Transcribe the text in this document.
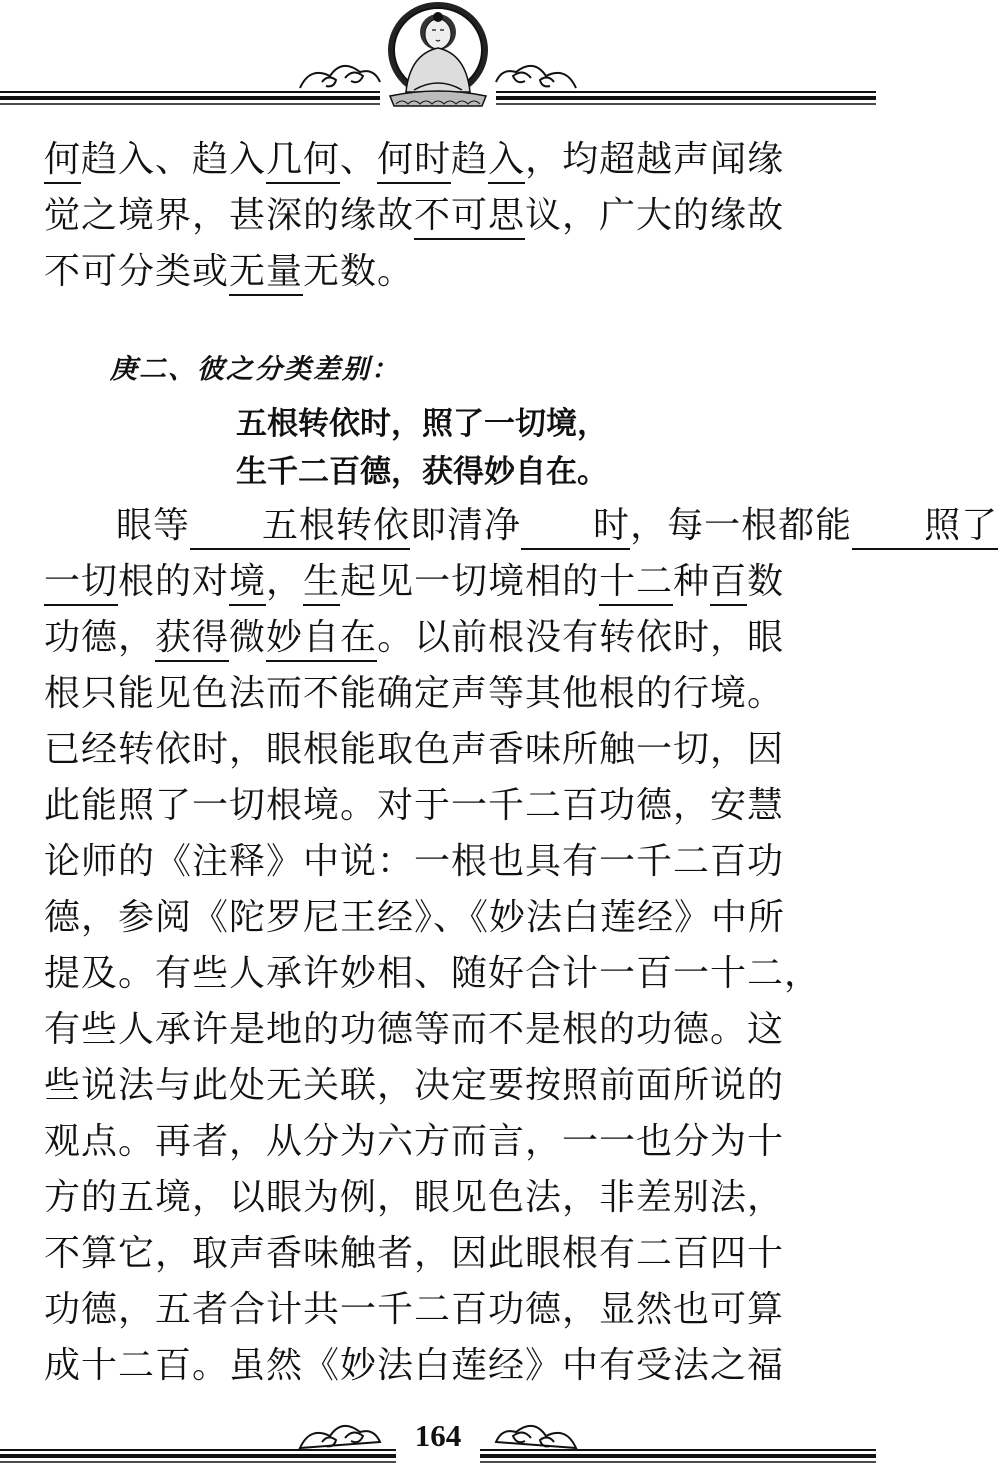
何趋入、趋入几何、何时趋入，均超越声闻缘
觉之境界，甚深的缘故不可思议，广大的缘故
不可分类或无量无数。

庚二、彼之分类差别：

五根转依时，照了一切境，
生千二百德，获得妙自在。
眼等 五根转依即清净 时，每一根都能 照了
一切根的对境，生起见一切境相的十二种百数
功德，获得微妙自在。以前根没有转依时，眼
根只能见色法而不能确定声等其他根的行境。
已经转依时，眼根能取色声香味所触一切，因
此能照了一切根境。对于一千二百功德，安慧
论师的《注释》中说：一根也具有一千二百功
德，参阅《陀罗尼王经》、《妙法白莲经》中所
提及。有些人承许妙相、随好合计一百一十二，
有些人承许是地的功德等而不是根的功德。这
些说法与此处无关联，决定要按照前面所说的
观点。再者，从分为六方而言，一一也分为十
方的五境，以眼为例，眼见色法，非差别法，
不算它，取声香味触者，因此眼根有二百四十
功德，五者合计共一千二百功德，显然也可算
成十二百。虽然《妙法白莲经》中有受法之福
164
